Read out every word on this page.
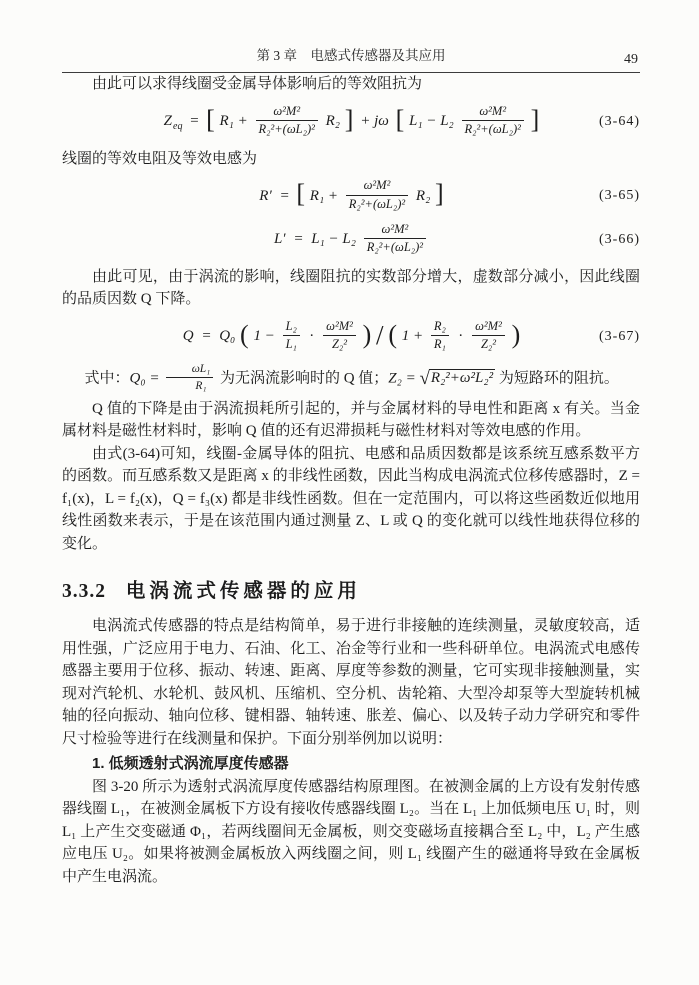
第 3 章　电感式传感器及其应用	49

由此可以求得线圈受金属导体影响后的等效阻抗为

$Z_{eq}$ = [ $R_1 + \frac{\text{ω²M²}}{\text{R₂²+(ωL₂)²}} R_2$ ] + jω [ $L_1 - L_2 \frac{\text{ω²M²}}{\text{R₂²+(ωL₂)²}}$ ]	(3-64)

线圈的等效电阻及等效电感为

R′ = [ $R_1 + \frac{\text{ω²M²}}{\text{R₂²+(ωL₂)²}} R_2$ ]	(3-65)
$L' = L_1 - L_2 \frac{\text{ω²M²}}{\text{R₂²+(ωL₂)²}}$	(3-66)

由此可见，由于涡流的影响，线圈阻抗的实数部分增大，虚数部分减小，因此线圈的品质因数 Q 下降。

Q = Q₀ ( $1 - \frac{\text{L₂}}{\text{L₁}} \cdot \frac{\text{ω²M²}}{\text{Z₂²}}$ ) / ( $1 + \frac{\text{R₂}}{\text{R₁}} \cdot \frac{\text{ω²M²}}{\text{Z₂²}}$ )	(3-67)

式中：$Q_0 = \frac{\text{ωL₁}}{\text{R₁}}$ 为无涡流影响时的 Q 值；Z₂ = √R₂²+ω²L₂² 为短路环的阻抗。

Q 值的下降是由于涡流损耗所引起的，并与金属材料的导电性和距离 x 有关。当金属材料是磁性材料时，影响 Q 值的还有迟滞损耗与磁性材料对等效电感的作用。

由式(3-64)可知，线圈-金属导体的阻抗、电感和品质因数都是该系统互感系数平方的函数。而互感系数又是距离 x 的非线性函数，因此当构成电涡流式位移传感器时，Z = f₁(x)，L = f₂(x)，Q = f₃(x) 都是非线性函数。但在一定范围内，可以将这些函数近似地用线性函数来表示，于是在该范围内通过测量 Z、L 或 Q 的变化就可以线性地获得位移的变化。

3.3.2 电涡流式传感器的应用

电涡流式传感器的特点是结构简单，易于进行非接触的连续测量，灵敏度较高，适用性强，广泛应用于电力、石油、化工、冶金等行业和一些科研单位。电涡流式电感传感器主要用于位移、振动、转速、距离、厚度等参数的测量，它可实现非接触测量，实现对汽轮机、水轮机、鼓风机、压缩机、空分机、齿轮箱、大型冷却泵等大型旋转机械轴的径向振动、轴向位移、键相器、轴转速、胀差、偏心、以及转子动力学研究和零件尺寸检验等进行在线测量和保护。下面分别举例加以说明：

1. 低频透射式涡流厚度传感器

图 3-20 所示为透射式涡流厚度传感器结构原理图。在被测金属的上方设有发射传感器线圈 L₁，在被测金属板下方设有接收传感器线圈 L₂。当在 L₁ 上加低频电压 U₁ 时，则 L₁ 上产生交变磁通 Φ₁，若两线圈间无金属板，则交变磁场直接耦合至 L₂ 中，L₂ 产生感应电压 U₂。如果将被测金属板放入两线圈之间，则 L₁ 线圈产生的磁通将导致在金属板中产生电涡流。
